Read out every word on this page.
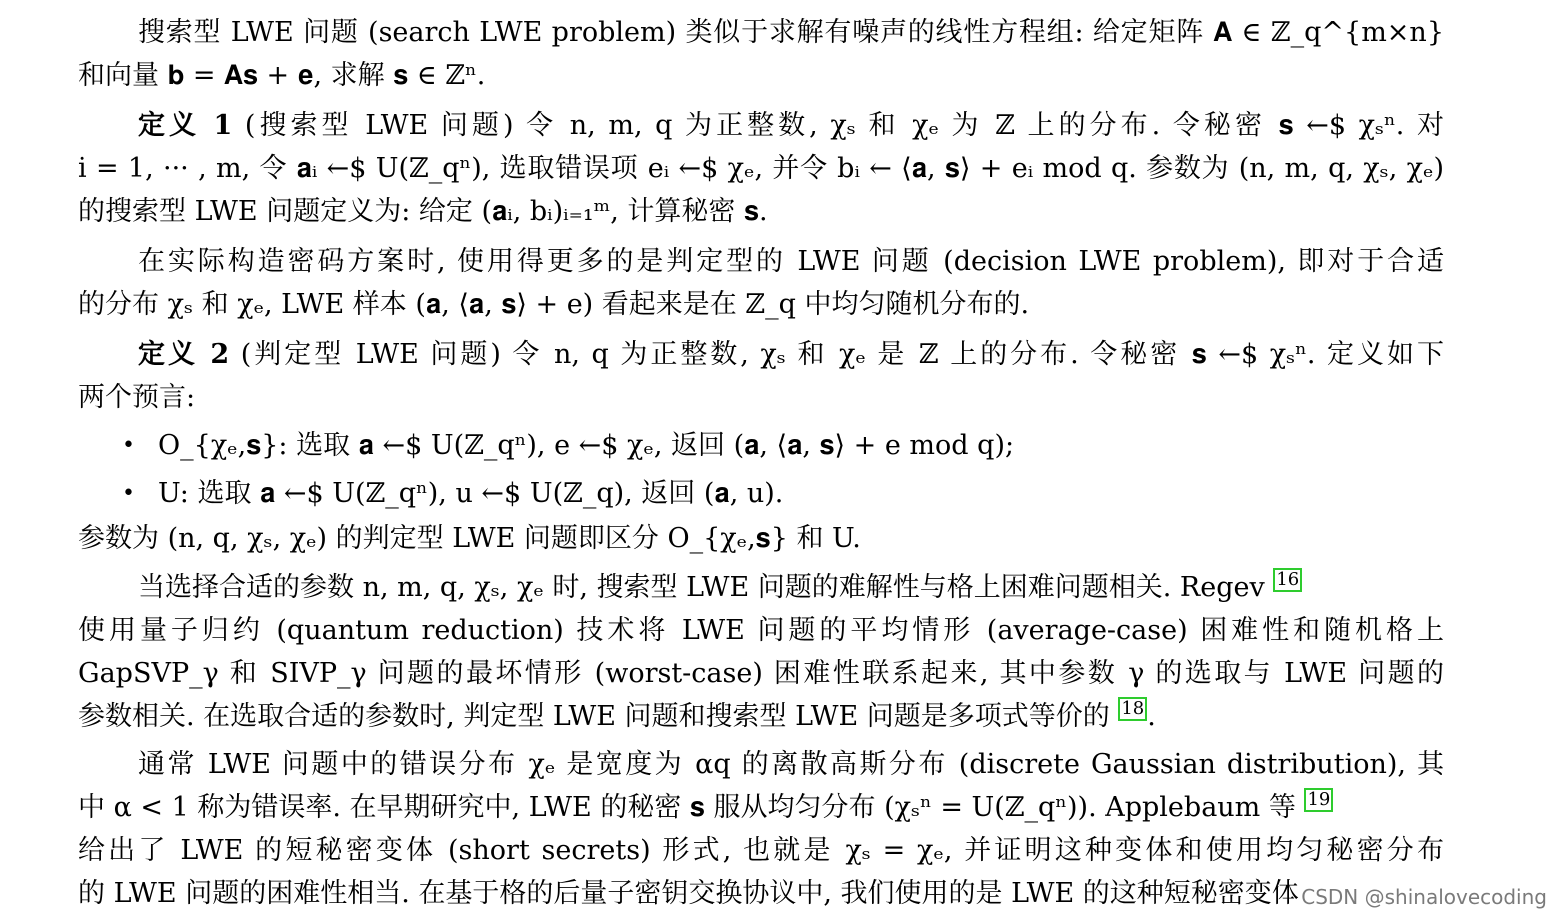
搜索型 LWE 问题 (search LWE problem) 类似于求解有噪声的线性方程组: 给定矩阵 𝐀 ∈ ℤ_q^{m×n}
和向量 𝐛 = 𝐀𝐬 + 𝐞, 求解 𝐬 ∈ ℤⁿ.
定义 1 (搜索型 LWE 问题) 令 n, m, q 为正整数, χₛ 和 χₑ 为 ℤ 上的分布. 令秘密 𝐬 ←$ χₛⁿ. 对
i = 1, ··· , m, 令 𝐚ᵢ ←$ U(ℤ_qⁿ), 选取错误项 eᵢ ←$ χₑ, 并令 bᵢ ← ⟨𝐚, 𝐬⟩ + eᵢ mod q. 参数为 (n, m, q, χₛ, χₑ)
的搜索型 LWE 问题定义为: 给定 (𝐚ᵢ, bᵢ)ᵢ₌₁ᵐ, 计算秘密 𝐬.
在实际构造密码方案时, 使用得更多的是判定型的 LWE 问题 (decision LWE problem), 即对于合适
的分布 χₛ 和 χₑ, LWE 样本 (𝐚, ⟨𝐚, 𝐬⟩ + e) 看起来是在 ℤ_q 中均匀随机分布的.
定义 2 (判定型 LWE 问题) 令 n, q 为正整数, χₛ 和 χₑ 是 ℤ 上的分布. 令秘密 𝐬 ←$ χₛⁿ. 定义如下
两个预言:
• O_{χₑ,𝐬}: 选取 𝐚 ←$ U(ℤ_qⁿ), e ←$ χₑ, 返回 (𝐚, ⟨𝐚, 𝐬⟩ + e mod q);
• U: 选取 𝐚 ←$ U(ℤ_qⁿ), u ←$ U(ℤ_q), 返回 (𝐚, u).
参数为 (n, q, χₛ, χₑ) 的判定型 LWE 问题即区分 O_{χₑ,𝐬} 和 U.
当选择合适的参数 n, m, q, χₛ, χₑ 时, 搜索型 LWE 问题的难解性与格上困难问题相关. Regev 16
使用量子归约 (quantum reduction) 技术将 LWE 问题的平均情形 (average-case) 困难性和随机格上
GapSVP_γ 和 SIVP_γ 问题的最坏情形 (worst-case) 困难性联系起来, 其中参数 γ 的选取与 LWE 问题的
参数相关. 在选取合适的参数时, 判定型 LWE 问题和搜索型 LWE 问题是多项式等价的 18 .
通常 LWE 问题中的错误分布 χₑ 是宽度为 αq 的离散高斯分布 (discrete Gaussian distribution), 其
中 α < 1 称为错误率. 在早期研究中, LWE 的秘密 𝐬 服从均匀分布 (χₛⁿ = U(ℤ_qⁿ)). Applebaum 等 19
给出了 LWE 的短秘密变体 (short secrets) 形式, 也就是 χₛ = χₑ, 并证明这种变体和使用均匀秘密分布
的 LWE 问题的困难性相当. 在基于格的后量子密钥交换协议中, 我们使用的是 LWE 的这种短秘密变体 CSDN @shinalovecoding
